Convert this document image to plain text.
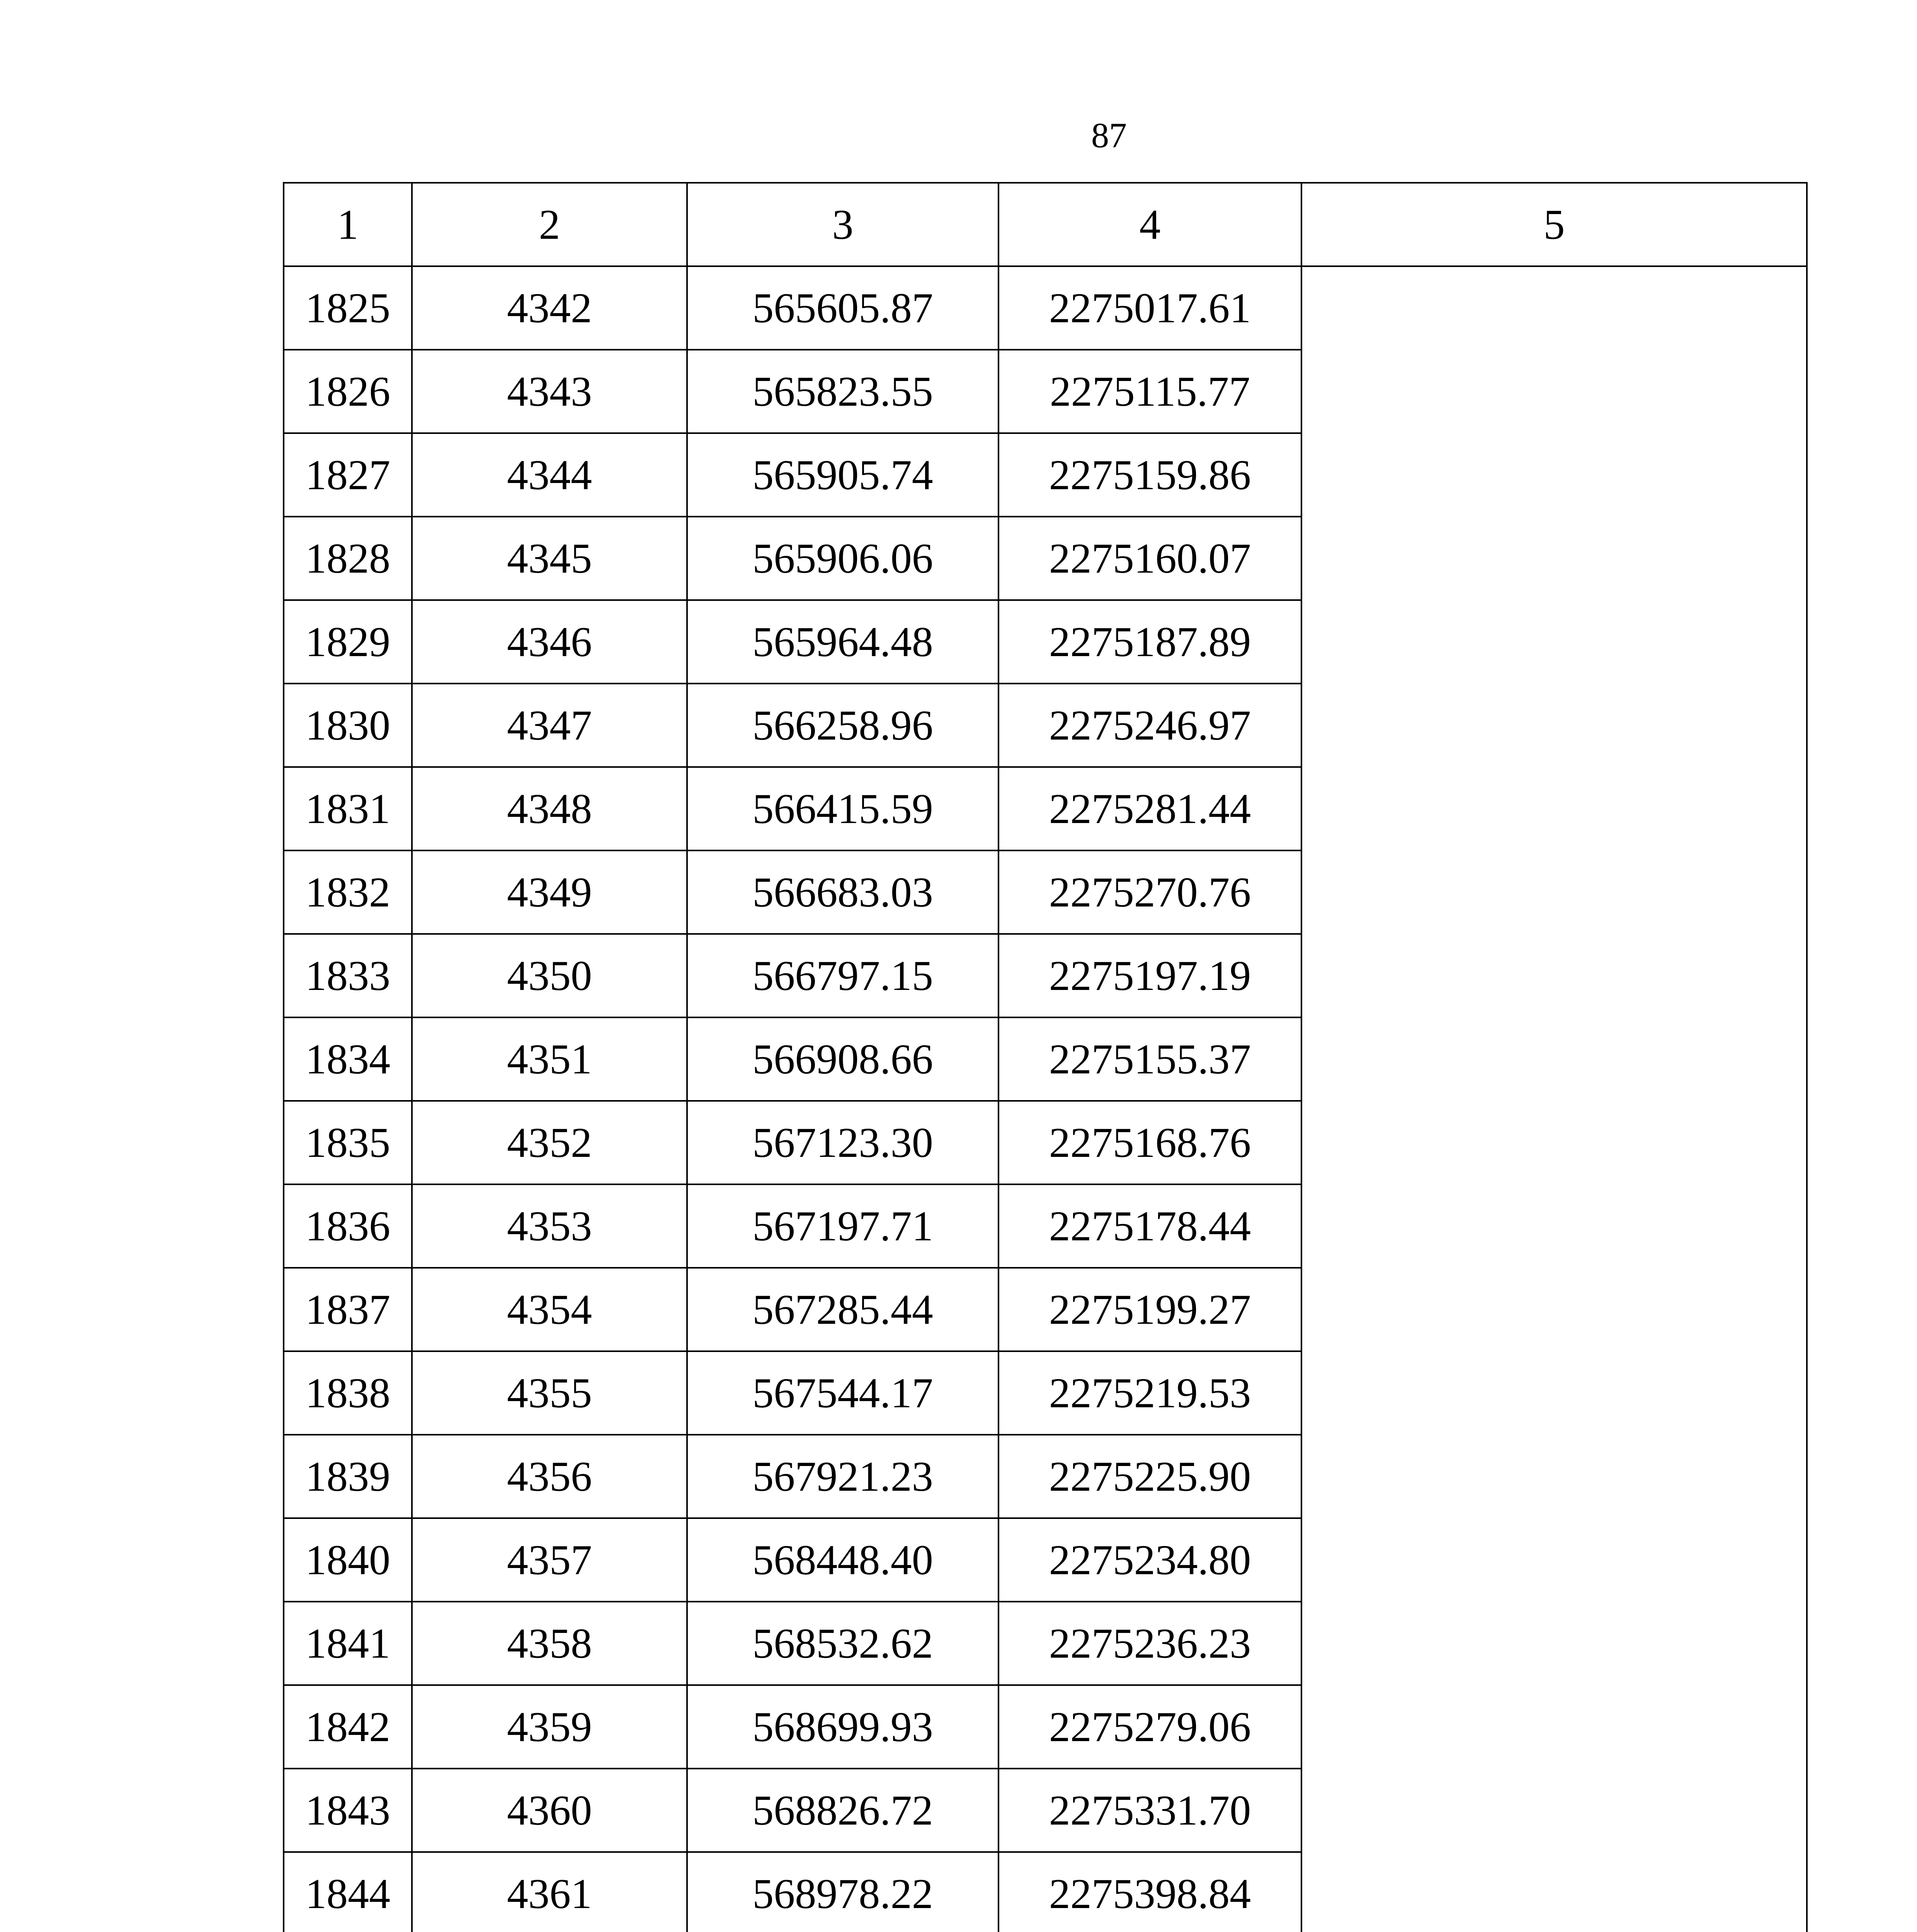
87
1	2	3	4	5
1825	4342	565605.87	2275017.61	
1826	4343	565823.55	2275115.77	
1827	4344	565905.74	2275159.86	
1828	4345	565906.06	2275160.07	
1829	4346	565964.48	2275187.89	
1830	4347	566258.96	2275246.97	
1831	4348	566415.59	2275281.44	
1832	4349	566683.03	2275270.76	
1833	4350	566797.15	2275197.19	
1834	4351	566908.66	2275155.37	
1835	4352	567123.30	2275168.76	
1836	4353	567197.71	2275178.44	
1837	4354	567285.44	2275199.27	
1838	4355	567544.17	2275219.53	
1839	4356	567921.23	2275225.90	
1840	4357	568448.40	2275234.80	
1841	4358	568532.62	2275236.23	
1842	4359	568699.93	2275279.06	
1843	4360	568826.72	2275331.70	
1844	4361	568978.22	2275398.84	
